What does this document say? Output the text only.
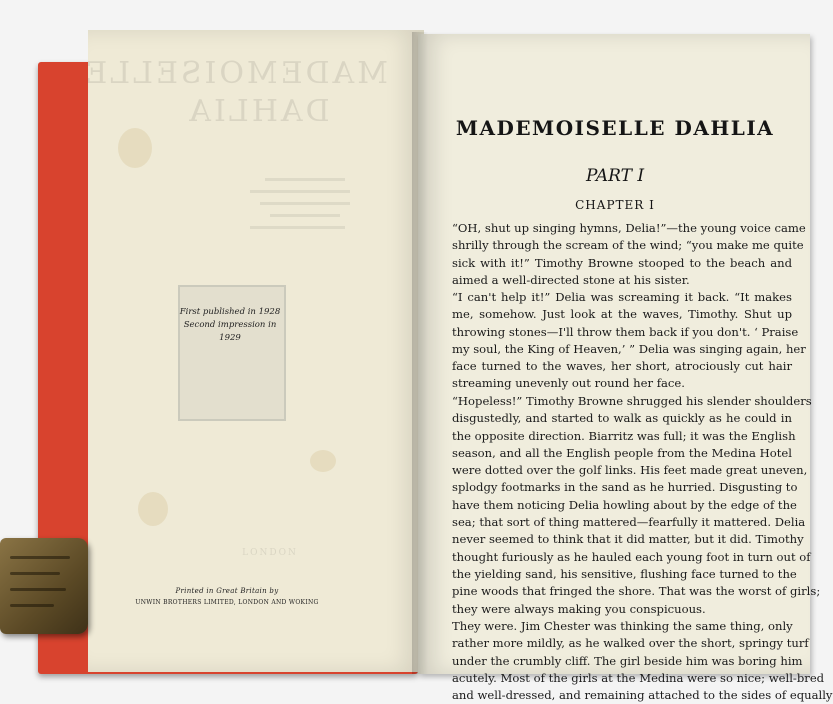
MADEMOISELLE
DAHLIA
LONDON
First published in 1928
Second impression in 1929
Printed in Great Britain by
UNWIN BROTHERS LIMITED, LONDON AND WOKING
MADEMOISELLE DAHLIA
PART I
CHAPTER I
“OH, shut up singing hymns, Delia!”—the young voice came
shrilly through the scream of the wind; “you make me quite
sick with it!” Timothy Browne stooped to the beach and
aimed a well-directed stone at his sister.
“I can't help it!” Delia was screaming it back. “It makes
me, somehow. Just look at the waves, Timothy. Shut up
throwing stones—I'll throw them back if you don't. ‘ Praise
my soul, the King of Heaven,’ ” Delia was singing again, her
face turned to the waves, her short, atrociously cut hair
streaming unevenly out round her face.
“Hopeless!” Timothy Browne shrugged his slender shoulders
disgustedly, and started to walk as quickly as he could in
the opposite direction. Biarritz was full; it was the English
season, and all the English people from the Medina Hotel
were dotted over the golf links. His feet made great uneven,
splodgy footmarks in the sand as he hurried. Disgusting to
have them noticing Delia howling about by the edge of the
sea; that sort of thing mattered—fearfully it mattered. Delia
never seemed to think that it did matter, but it did. Timothy
thought furiously as he hauled each young foot in turn out of
the yielding sand, his sensitive, flushing face turned to the
pine woods that fringed the shore. That was the worst of girls;
they were always making you conspicuous.
They were. Jim Chester was thinking the same thing, only
rather more mildly, as he walked over the short, springy turf
under the crumbly cliff. The girl beside him was boring him
acutely. Most of the girls at the Medina were so nice; well-bred
and well-dressed, and remaining attached to the sides of equally
